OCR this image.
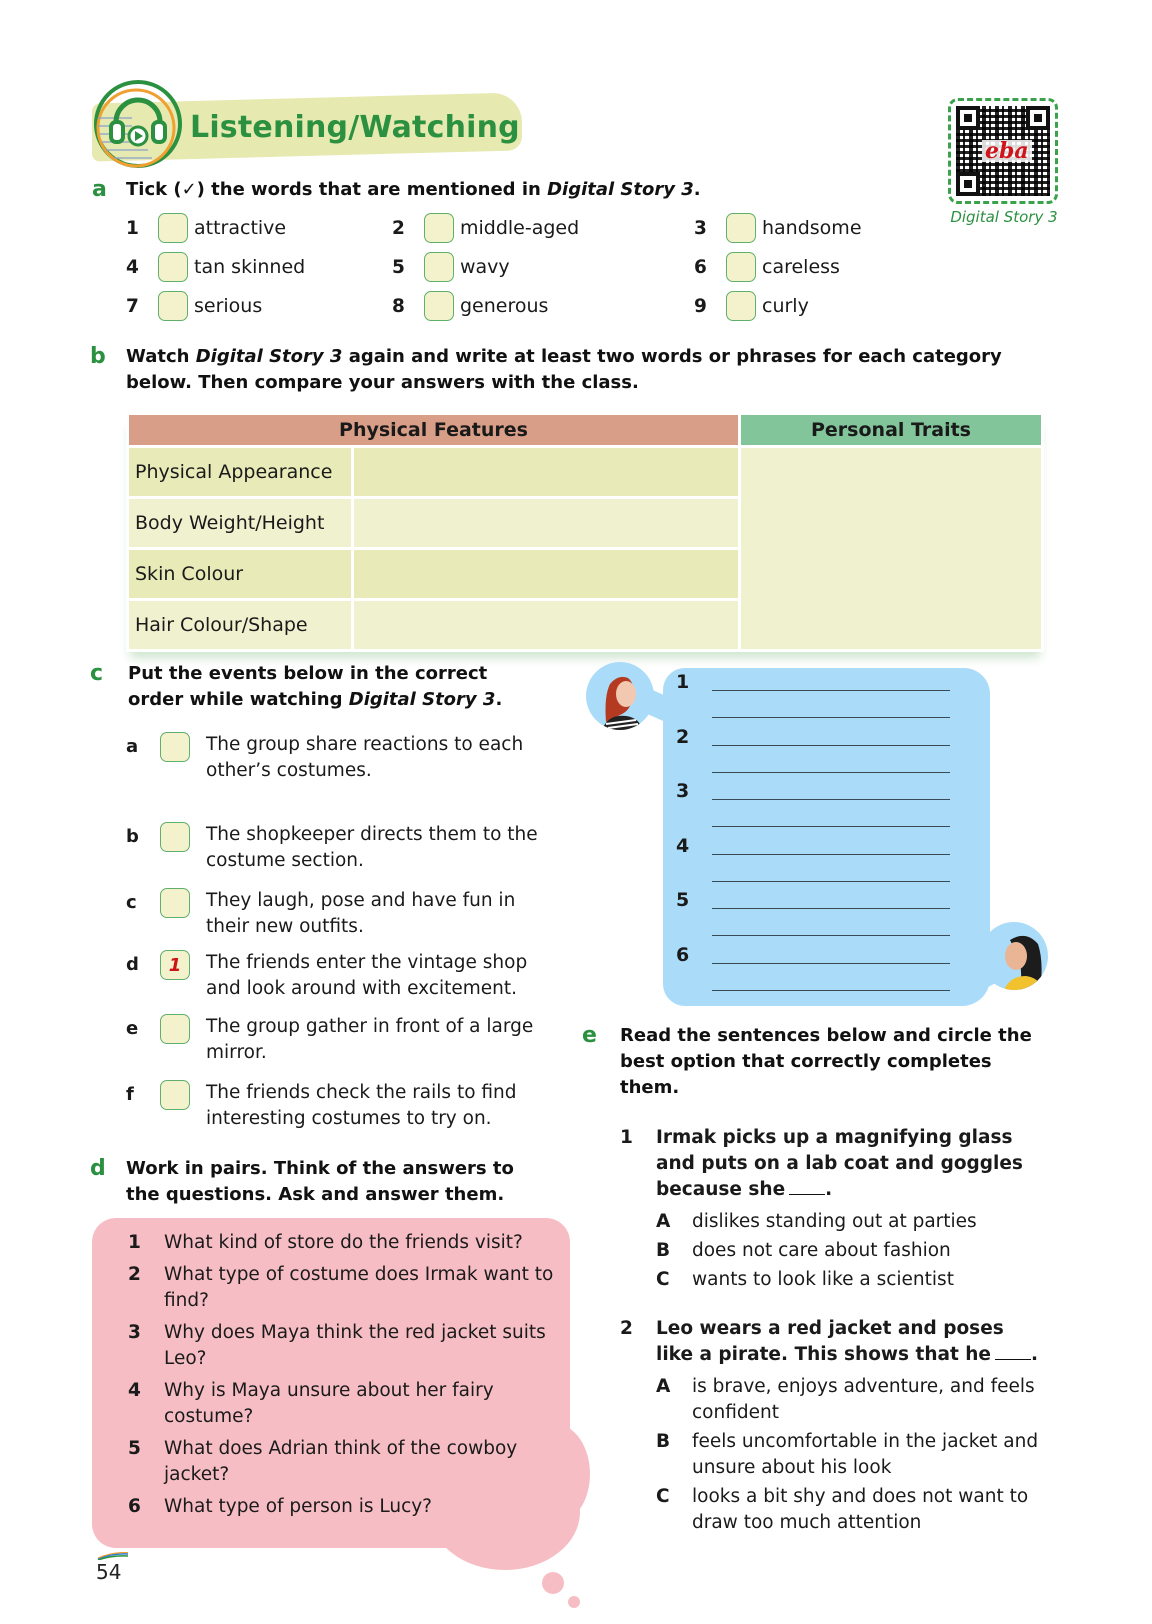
Listening/Watching
eba
Digital Story 3
a Tick (✓) the words that are mentioned in Digital Story 3.
1	attractive	2	middle-aged	3	handsome
4	tan skinned	5	wavy	6	careless
7	serious	8	generous	9	curly
b Watch Digital Story 3 again and write at least two words or phrases for each category below. Then compare your answers with the class.
Physical Features		Personal Traits
Physical Appearance		
Body Weight/Height		
Skin Colour		
Hair Colour/Shape		
c Put the events below in the correct order while watching Digital Story 3.
a	The group share reactions to each other’s costumes.
b	The shopkeeper directs them to the costume section.
c	They laugh, pose and have fun in their new outfits.
d	1	The friends enter the vintage shop and look around with excitement.
e	The group gather in front of a large mirror.
f	The friends check the rails to find interesting costumes to try on.
1
2
3
4
5
6
d Work in pairs. Think of the answers to the questions. Ask and answer them.
1	What kind of store do the friends visit?
2	What type of costume does Irmak want to find?
3	Why does Maya think the red jacket suits Leo?
4	Why is Maya unsure about her fairy costume?
5	What does Adrian think of the cowboy jacket?
6	What type of person is Lucy?
e Read the sentences below and circle the best option that correctly completes them.
1	Irmak picks up a magnifying glass and puts on a lab coat and goggles because she .
A	dislikes standing out at parties
B	does not care about fashion
C	wants to look like a scientist
2	Leo wears a red jacket and poses like a pirate. This shows that he .
A	is brave, enjoys adventure, and feels confident
B	feels uncomfortable in the jacket and unsure about his look
C	looks a bit shy and does not want to draw too much attention
54
